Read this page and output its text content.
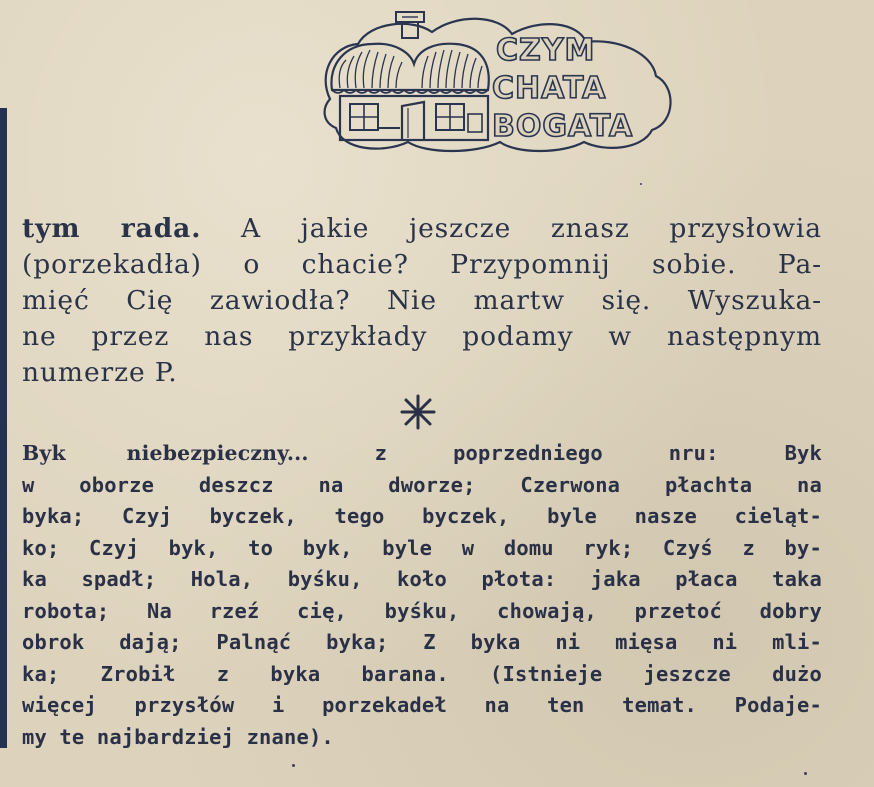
CZYM
CHATA
BOGATA
tym rada. A jakie jeszcze znasz przysłowia
(porzekadła) o chacie? Przypomnij sobie. Pa-
mięć Cię zawiodła? Nie martw się. Wyszuka-
ne przez nas przykłady podamy w następnym
numerze P.
Byk niebezpieczny... z poprzedniego nru: Byk
w oborze deszcz na dworze; Czerwona płachta na
byka; Czyj byczek, tego byczek, byle nasze cieląt-
ko; Czyj byk, to byk, byle w domu ryk; Czyś z by-
ka spadł; Hola, byśku, koło płota: jaka płaca taka
robota; Na rzeź cię, byśku, chowają, przetoć dobry
obrok dają; Palnąć byka; Z byka ni mięsa ni mli-
ka; Zrobił z byka barana. (Istnieje jeszcze dużo
więcej przysłów i porzekadeł na ten temat. Podaje-
my te najbardziej znane).
